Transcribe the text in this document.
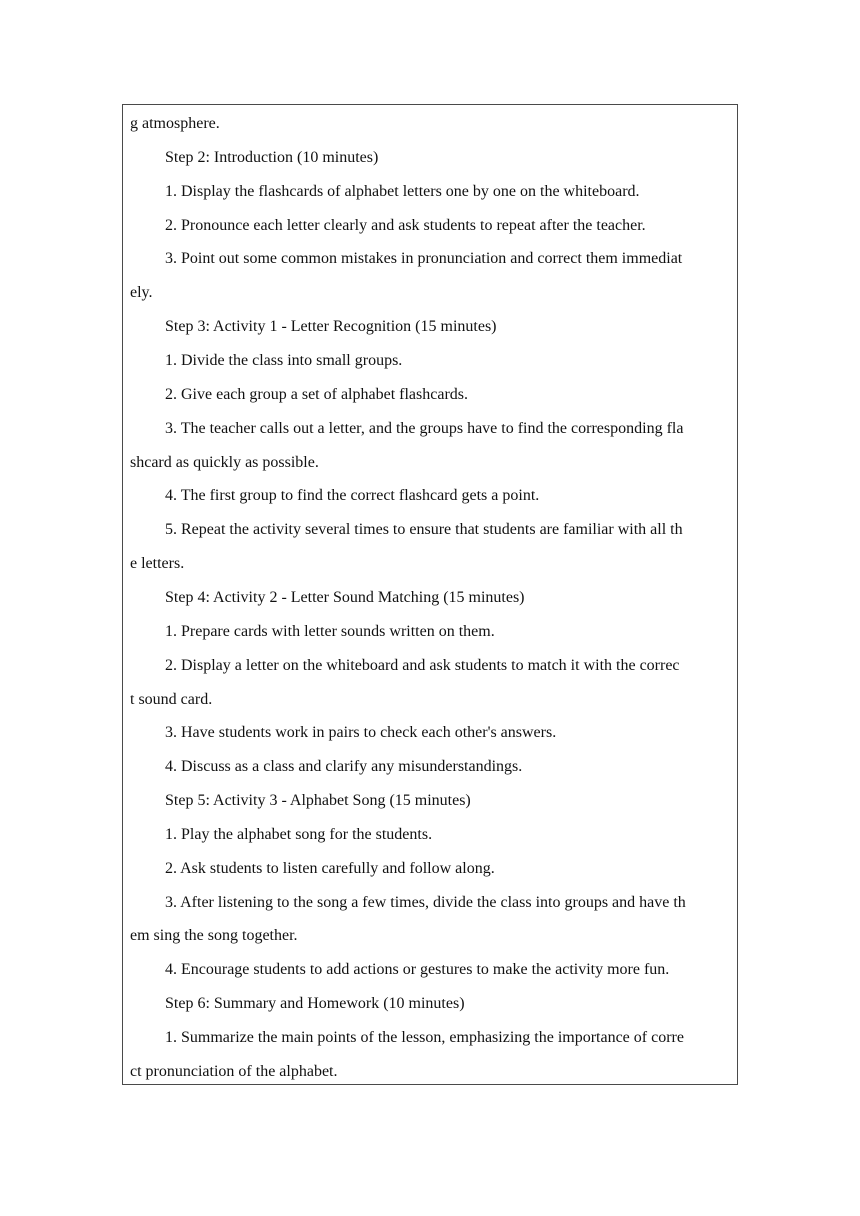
g atmosphere.
Step 2: Introduction (10 minutes)
1. Display the flashcards of alphabet letters one by one on the whiteboard.
2. Pronounce each letter clearly and ask students to repeat after the teacher.
3. Point out some common mistakes in pronunciation and correct them immediat
ely.
Step 3: Activity 1 - Letter Recognition (15 minutes)
1. Divide the class into small groups.
2. Give each group a set of alphabet flashcards.
3. The teacher calls out a letter, and the groups have to find the corresponding fla
shcard as quickly as possible.
4. The first group to find the correct flashcard gets a point.
5. Repeat the activity several times to ensure that students are familiar with all th
e letters.
Step 4: Activity 2 - Letter Sound Matching (15 minutes)
1. Prepare cards with letter sounds written on them.
2. Display a letter on the whiteboard and ask students to match it with the correc
t sound card.
3. Have students work in pairs to check each other's answers.
4. Discuss as a class and clarify any misunderstandings.
Step 5: Activity 3 - Alphabet Song (15 minutes)
1. Play the alphabet song for the students.
2. Ask students to listen carefully and follow along.
3. After listening to the song a few times, divide the class into groups and have th
em sing the song together.
4. Encourage students to add actions or gestures to make the activity more fun.
Step 6: Summary and Homework (10 minutes)
1. Summarize the main points of the lesson, emphasizing the importance of corre
ct pronunciation of the alphabet.
